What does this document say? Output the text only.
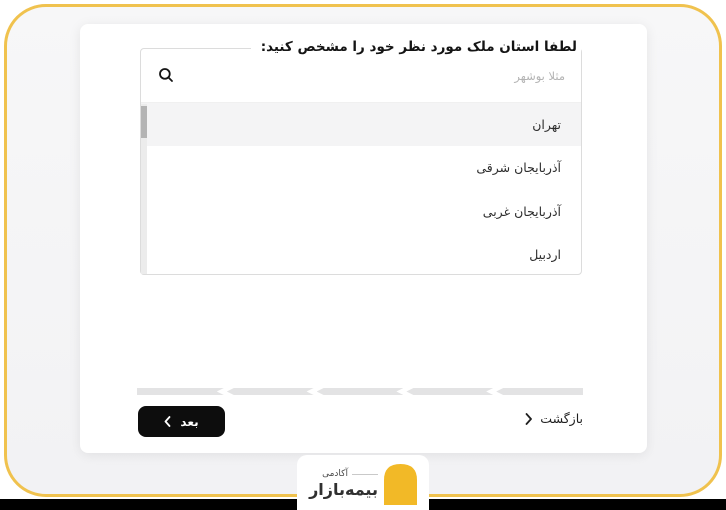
لطفا استان ملک مورد نظر خود را مشخص کنید:
مثلا بوشهر
تهران
آذربایجان شرقی
آذربایجان غربی
اردبیل
بعد	بازگشت
آکادمی
بیمه‌بازار
